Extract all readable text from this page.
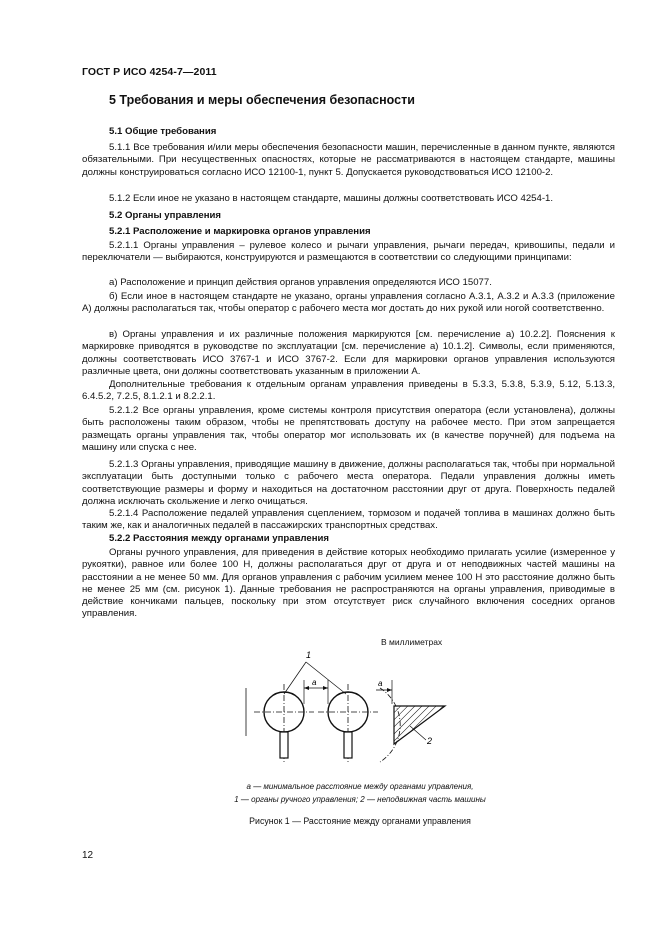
ГОСТ Р ИСО 4254-7—2011
5 Требования и меры обеспечения безопасности
5.1 Общие требования

5.1.1 Все требования и/или меры обеспечения безопасности машин, перечисленные в данном пункте, являются обязательными. При несущественных опасностях, которые не рассматриваются в настоящем стандарте, машины должны конструироваться согласно ИСО 12100-1, пункт 5. Допускается руководствоваться ИСО 12100-2.

5.1.2 Если иное не указано в настоящем стандарте, машины должны соответствовать ИСО 4254-1.

5.2 Органы управления
5.2.1 Расположение и маркировка органов управления

5.2.1.1 Органы управления – рулевое колесо и рычаги управления, рычаги передач, кривошипы, педали и переключатели — выбираются, конструируются и размещаются в соответствии со следующими принципами:

а) Расположение и принцип действия органов управления определяются ИСО 15077.

б) Если иное в настоящем стандарте не указано, органы управления согласно А.3.1, А.3.2 и А.3.3 (приложение А) должны располагаться так, чтобы оператор с рабочего места мог достать до них рукой или ногой соответственно.

в) Органы управления и их различные положения маркируются [см. перечисление а) 10.2.2]. Пояснения к маркировке приводятся в руководстве по эксплуатации [см. перечисление а) 10.1.2]. Символы, если применяются, должны соответствовать ИСО 3767-1 и ИСО 3767-2. Если для маркировки органов управления используются различные цвета, они должны соответствовать указанным в приложении А.

Дополнительные требования к отдельным органам управления приведены в 5.3.3, 5.3.8, 5.3.9, 5.12, 5.13.3, 6.4.5.2, 7.2.5, 8.1.2.1 и 8.2.2.1.

5.2.1.2 Все органы управления, кроме системы контроля присутствия оператора (если установлена), должны быть расположены таким образом, чтобы не препятствовать доступу на рабочее место. При этом запрещается размещать органы управления так, чтобы оператор мог использовать их (в качестве поручней) для подъема на машину или спуска с нее.

5.2.1.3 Органы управления, приводящие машину в движение, должны располагаться так, чтобы при нормальной эксплуатации быть доступными только с рабочего места оператора. Педали управления должны иметь соответствующие размеры и форму и находиться на достаточном расстоянии друг от друга. Поверхность педалей должна исключать скольжение и легко очищаться.

5.2.1.4 Расположение педалей управления сцеплением, тормозом и подачей топлива в машинах должно быть таким же, как и аналогичных педалей в пассажирских транспортных средствах.

5.2.2 Расстояния между органами управления

Органы ручного управления, для приведения в действие которых необходимо прилагать усилие (измеренное у рукоятки), равное или более 100 Н, должны располагаться друг от друга и от неподвижных частей машины на расстоянии a не менее 50 мм. Для органов управления с рабочим усилием менее 100 Н это расстояние должно быть не менее 25 мм (см. рисунок 1). Данные требования не распространяются на органы управления, приводимые в действие кончиками пальцев, поскольку при этом отсутствует риск случайного включения соседних органов управления.

В миллиметрах
a	a
1
2
a — минимальное расстояние между органами управления,
1 — органы ручного управления; 2 — неподвижная часть машины
Рисунок 1 — Расстояние между органами управления
12
